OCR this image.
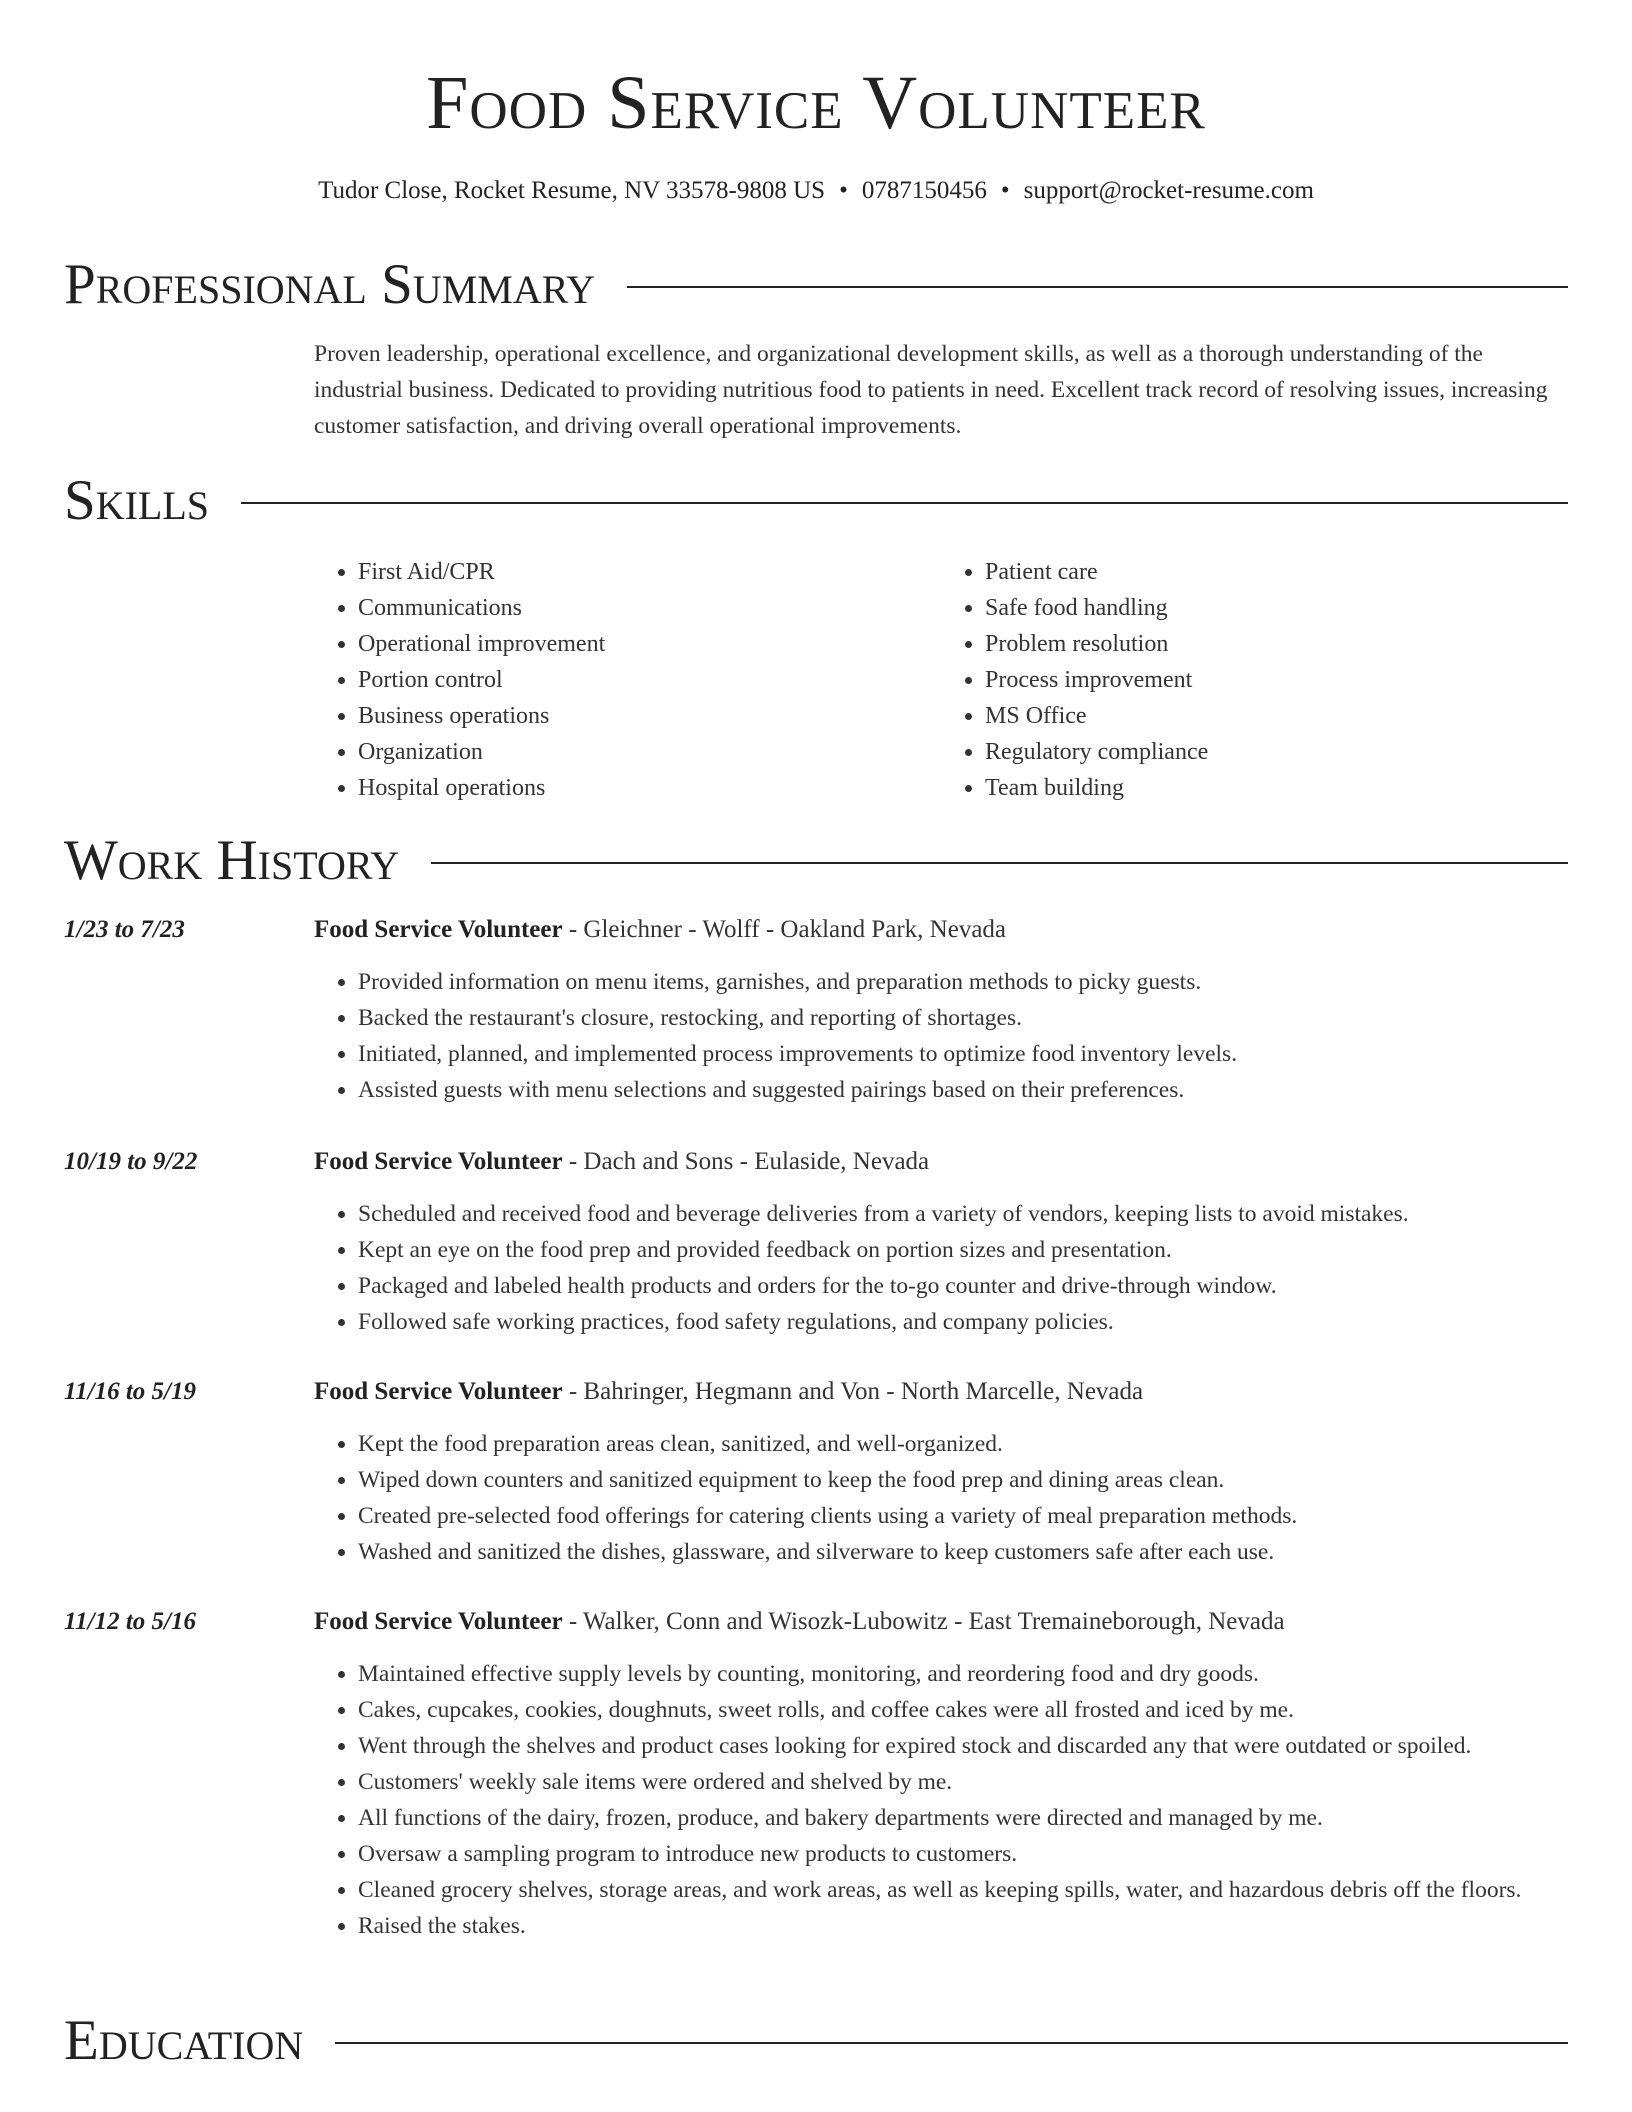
Food Service Volunteer
Tudor Close, Rocket Resume, NV 33578-9808 US • 0787150456 • support@rocket-resume.com
Professional Summary
Proven leadership, operational excellence, and organizational development skills, as well as a thorough understanding of the industrial business. Dedicated to providing nutritious food to patients in need. Excellent track record of resolving issues, increasing customer satisfaction, and driving overall operational improvements.
Skills
• First Aid/CPR
• Communications
• Operational improvement
• Portion control
• Business operations
• Organization
• Hospital operations
• Patient care
• Safe food handling
• Problem resolution
• Process improvement
• MS Office
• Regulatory compliance
• Team building
Work History
1/23 to 7/23	Food Service Volunteer - Gleichner - Wolff - Oakland Park, Nevada
• Provided information on menu items, garnishes, and preparation methods to picky guests.
• Backed the restaurant's closure, restocking, and reporting of shortages.
• Initiated, planned, and implemented process improvements to optimize food inventory levels.
• Assisted guests with menu selections and suggested pairings based on their preferences.
10/19 to 9/22	Food Service Volunteer - Dach and Sons - Eulaside, Nevada
• Scheduled and received food and beverage deliveries from a variety of vendors, keeping lists to avoid mistakes.
• Kept an eye on the food prep and provided feedback on portion sizes and presentation.
• Packaged and labeled health products and orders for the to-go counter and drive-through window.
• Followed safe working practices, food safety regulations, and company policies.
11/16 to 5/19	Food Service Volunteer - Bahringer, Hegmann and Von - North Marcelle, Nevada
• Kept the food preparation areas clean, sanitized, and well-organized.
• Wiped down counters and sanitized equipment to keep the food prep and dining areas clean.
• Created pre-selected food offerings for catering clients using a variety of meal preparation methods.
• Washed and sanitized the dishes, glassware, and silverware to keep customers safe after each use.
11/12 to 5/16	Food Service Volunteer - Walker, Conn and Wisozk-Lubowitz - East Tremaineborough, Nevada
• Maintained effective supply levels by counting, monitoring, and reordering food and dry goods.
• Cakes, cupcakes, cookies, doughnuts, sweet rolls, and coffee cakes were all frosted and iced by me.
• Went through the shelves and product cases looking for expired stock and discarded any that were outdated or spoiled.
• Customers' weekly sale items were ordered and shelved by me.
• All functions of the dairy, frozen, produce, and bakery departments were directed and managed by me.
• Oversaw a sampling program to introduce new products to customers.
• Cleaned grocery shelves, storage areas, and work areas, as well as keeping spills, water, and hazardous debris off the floors.
• Raised the stakes.
Education
